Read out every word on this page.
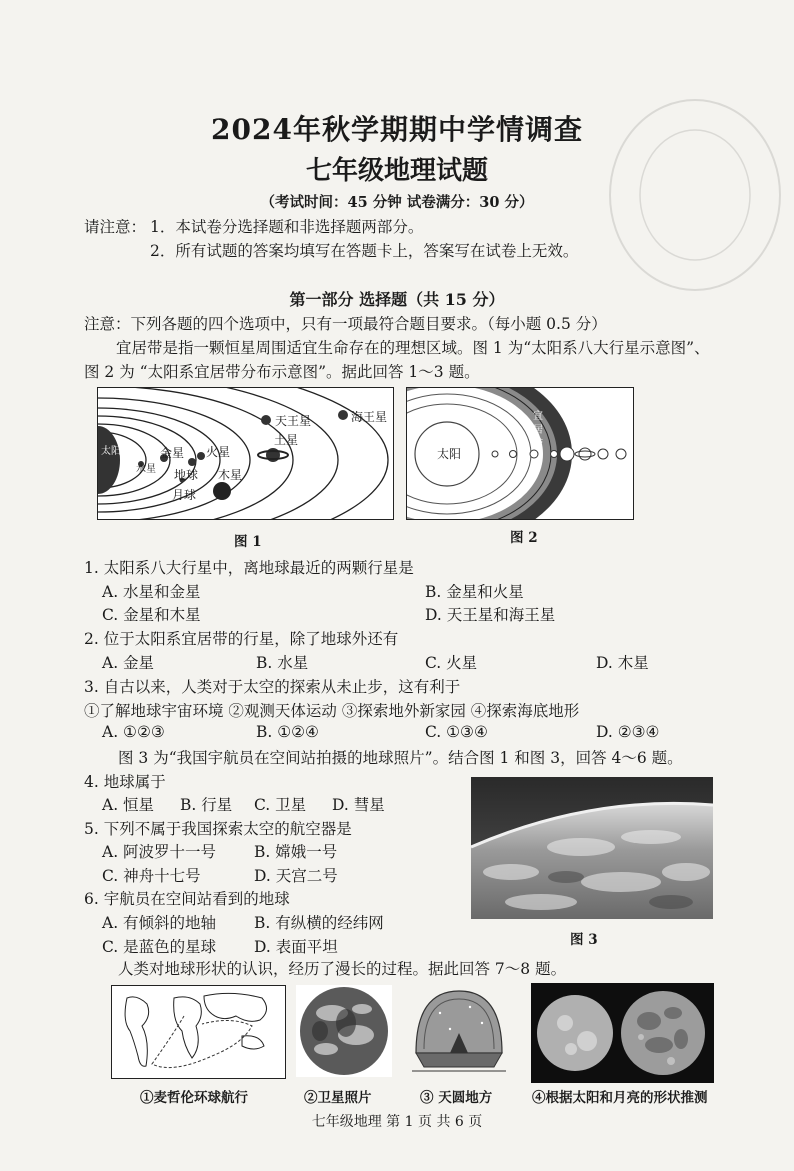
2024年秋学期期中学情调查
七年级地理试题
（考试时间：45 分钟 试卷满分：30 分）
请注意： 1．本试卷分选择题和非选择题两部分。
2．所有试题的答案均填写在答题卡上，答案写在试卷上无效。
第一部分 选择题（共 15 分）
注意：下列各题的四个选项中，只有一项最符合题目要求。（每小题 0.5 分）
宜居带是指一颗恒星周围适宜生命存在的理想区域。图 1 为“太阳系八大行星示意图”、
图 2 为 “太阳系宜居带分布示意图”。据此回答 1～3 题。
太阳
水星
金星 火星
地球
月球
木星
土星
天王星	海王星
图 1
太阳
宜居带
图 2
1. 太阳系八大行星中，离地球最近的两颗行星是
A. 水星和金星	B. 金星和火星
C. 金星和木星	D. 天王星和海王星
2. 位于太阳系宜居带的行星，除了地球外还有
A. 金星	B. 水星	C. 火星	D. 木星
3. 自古以来，人类对于太空的探索从未止步，这有利于
①了解地球宇宙环境 ②观测天体运动 ③探索地外新家园 ④探索海底地形
A. ①②③	B. ①②④	C. ①③④	D. ②③④
图 3 为“我国宇航员在空间站拍摄的地球照片”。结合图 1 和图 3，回答 4～6 题。
4. 地球属于
A. 恒星 B. 行星 C. 卫星 D. 彗星
5. 下列不属于我国探索太空的航空器是
A. 阿波罗十一号 B. 嫦娥一号
C. 神舟十七号	D. 天宫二号
6. 宇航员在空间站看到的地球
A. 有倾斜的地轴 B. 有纵横的经纬网
C. 是蓝色的星球 D. 表面平坦	图 3
人类对地球形状的认识，经历了漫长的过程。据此回答 7～8 题。
①麦哲伦环球航行	②卫星照片	③ 天圆地方	④根据太阳和月亮的形状推测
七年级地理 第 1 页 共 6 页
